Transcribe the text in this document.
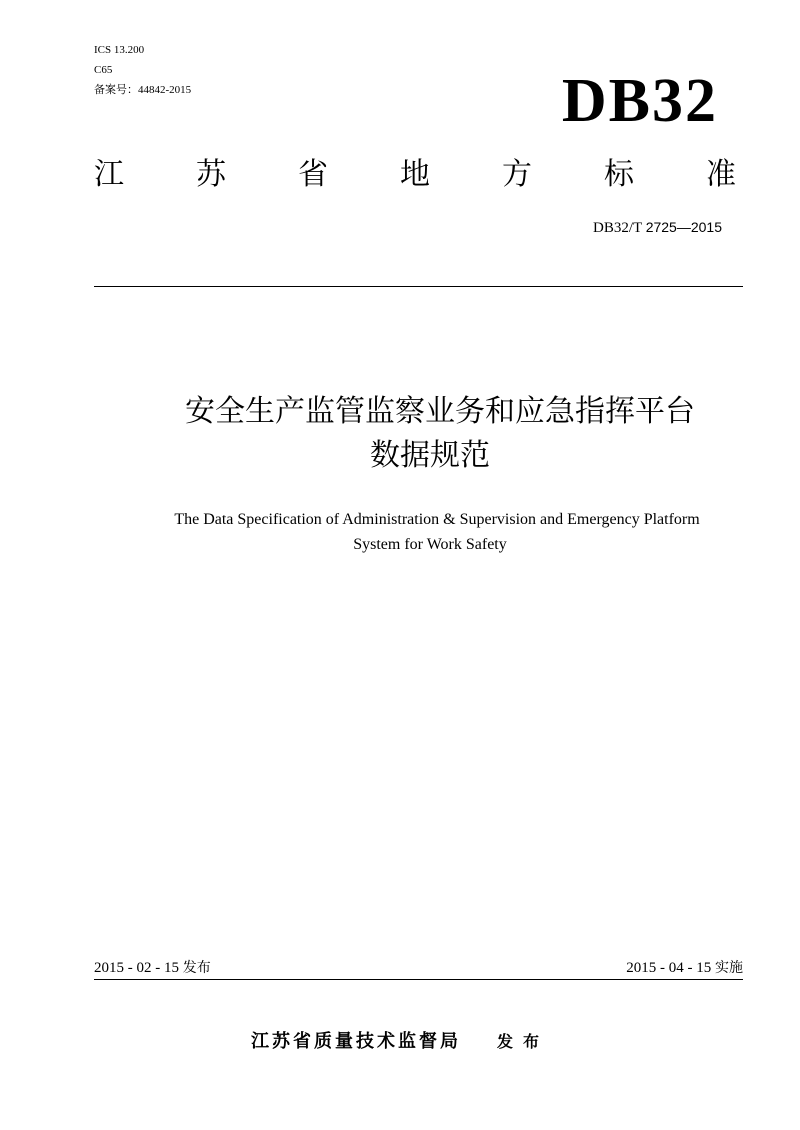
ICS 13.200
C65
备案号：44842-2015	DB32
江 苏 省 地 方 标 准
DB32/T 2725—2015
安全生产监管监察业务和应急指挥平台
数据规范
The Data Specification of Administration & Supervision and Emergency Platform
System for Work Safety
2015 - 02 - 15 发布	2015 - 04 - 15 实施
江苏省质量技术监督局 发布
